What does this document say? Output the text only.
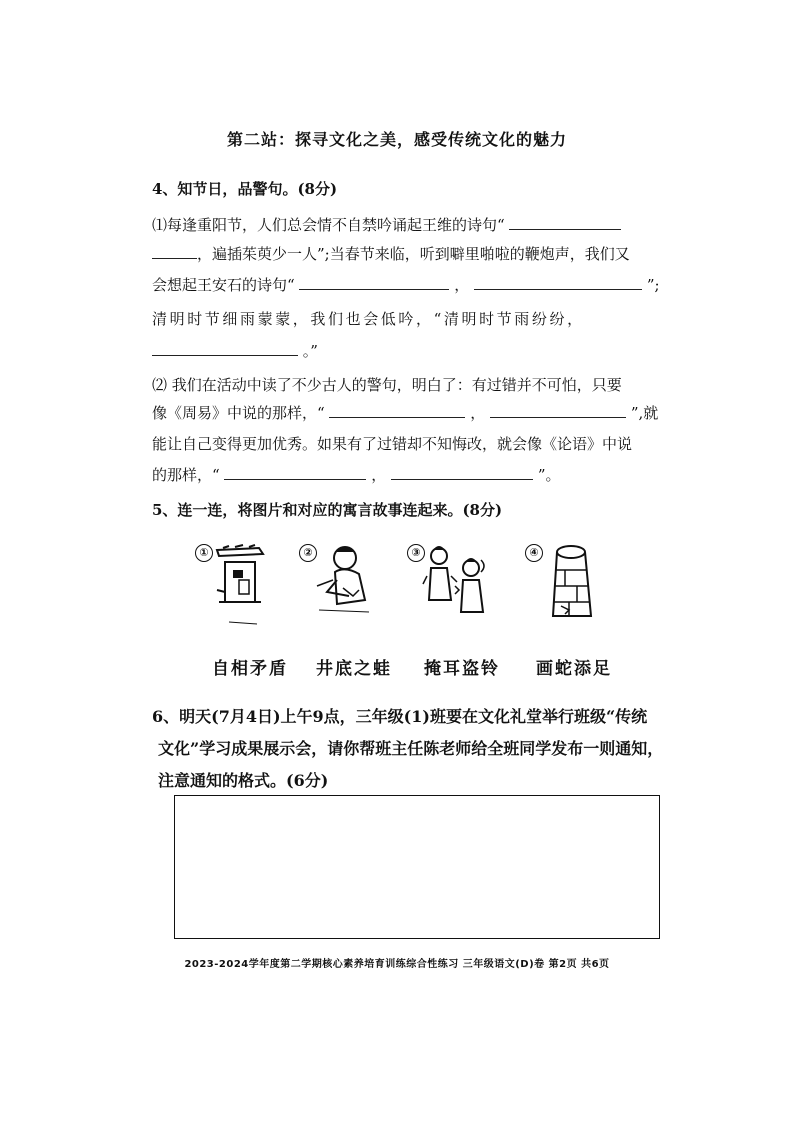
第二站：探寻文化之美，感受传统文化的魅力
4、知节日，品警句。(8分)
⑴每逢重阳节，人们总会情不自禁吟诵起王维的诗句“
，遍插茱萸少一人”;当春节来临，听到噼里啪啦的鞭炮声，我们又
会想起王安石的诗句“	，	”;
清明时节细雨蒙蒙，我们也会低吟，“清明时节雨纷纷，
。”
⑵ 我们在活动中读了不少古人的警句，明白了：有过错并不可怕，只要
像《周易》中说的那样，“	，	”,就
能让自己变得更加优秀。如果有了过错却不知悔改，就会像《论语》中说
的那样，“	，	”。
5、连一连，将图片和对应的寓言故事连起来。(8分)
①	②	③	④
自相矛盾 井底之蛙 掩耳盗铃 画蛇添足
6、明天(7月4日)上午9点，三年级(1)班要在文化礼堂举行班级“传统
文化”学习成果展示会，请你帮班主任陈老师给全班同学发布一则通知，
注意通知的格式。(6分)
2023-2024学年度第二学期核心素养培育训练综合性练习 三年级语文(D)卷 第2页 共6页
